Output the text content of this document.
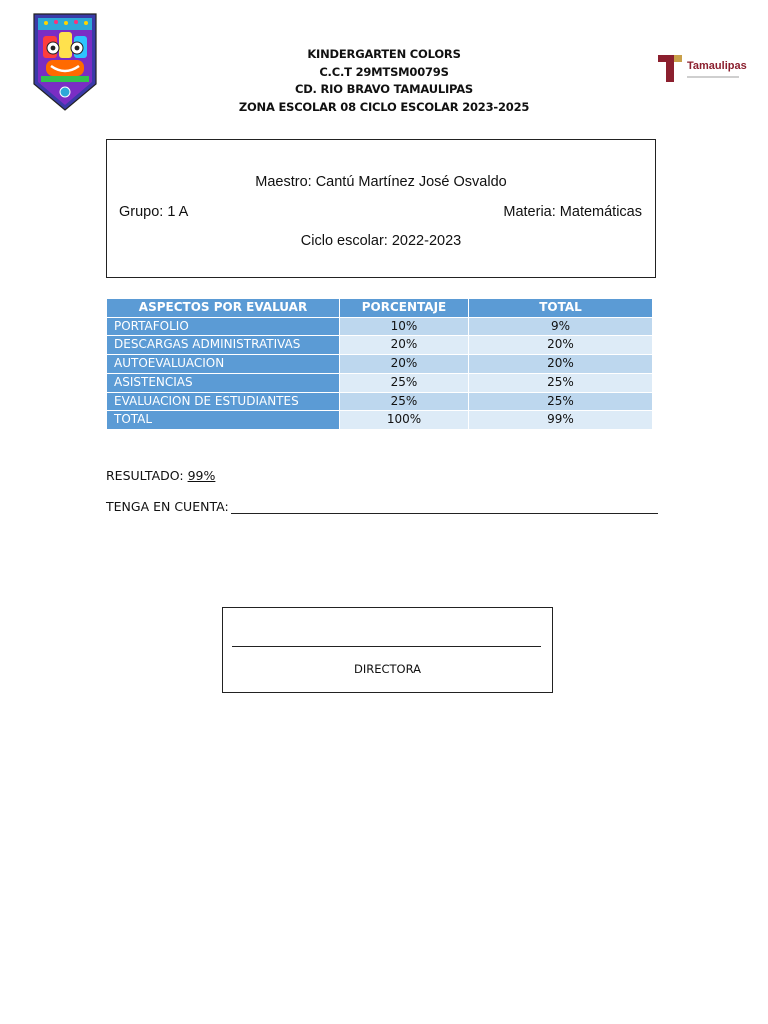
Tamaulipas
KINDERGARTEN COLORS
C.C.T 29MTSM0079S
CD. RIO BRAVO TAMAULIPAS
ZONA ESCOLAR 08 CICLO ESCOLAR 2023-2025
Maestro: Cantú Martínez José Osvaldo
Grupo: 1 A	Materia: Matemáticas
Ciclo escolar: 2022-2023
ASPECTOS POR EVALUAR	PORCENTAJE	TOTAL
PORTAFOLIO	10%	9%
DESCARGAS ADMINISTRATIVAS	20%	20%
AUTOEVALUACION	20%	20%
ASISTENCIAS	25%	25%
EVALUACION DE ESTUDIANTES	25%	25%
TOTAL	100%	99%
RESULTADO: 99%
TENGA EN CUENTA:
DIRECTORA
